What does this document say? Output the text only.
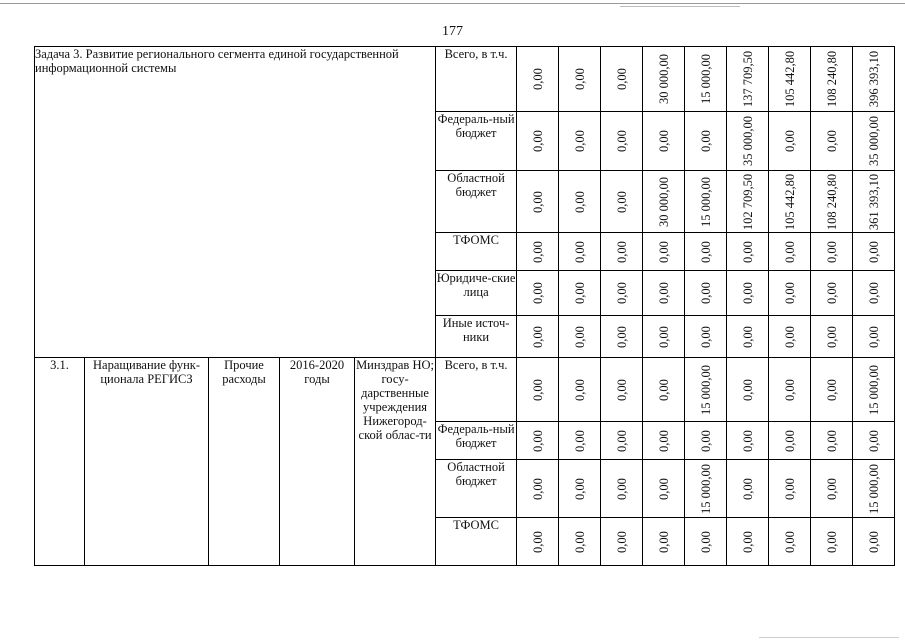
177
Задача 3. Развитие регионального сегмента единой государственной информационной системы					Всего, в т.ч.	0,00	0,00	0,00	30 000,00	15 000,00	137 709,50	105 442,80	108 240,80	396 393,10

					Федераль-ный бюджет	0,00	0,00	0,00	0,00	0,00	35 000,00	0,00	0,00	35 000,00

					Областной бюджет	0,00	0,00	0,00	30 000,00	15 000,00	102 709,50	105 442,80	108 240,80	361 393,10

					ТФОМС	0,00	0,00	0,00	0,00	0,00	0,00	0,00	0,00	0,00

					Юридиче-ские лица	0,00	0,00	0,00	0,00	0,00	0,00	0,00	0,00	0,00

					Иные источ-ники	0,00	0,00	0,00	0,00	0,00	0,00	0,00	0,00	0,00

3.1.	Наращивание функ-ционала РЕГИСЗ	Прочие расходы	2016-2020 годы	Минздрав НО; госу-дарственные учреждения Нижегород-ской облас-ти	Всего, в т.ч.	0,00	0,00	0,00	0,00	15 000,00	0,00	0,00	0,00	15 000,00

					Федераль-ный бюджет	0,00	0,00	0,00	0,00	0,00	0,00	0,00	0,00	0,00

					Областной бюджет	0,00	0,00	0,00	0,00	15 000,00	0,00	0,00	0,00	15 000,00

					ТФОМС	0,00	0,00	0,00	0,00	0,00	0,00	0,00	0,00	0,00
